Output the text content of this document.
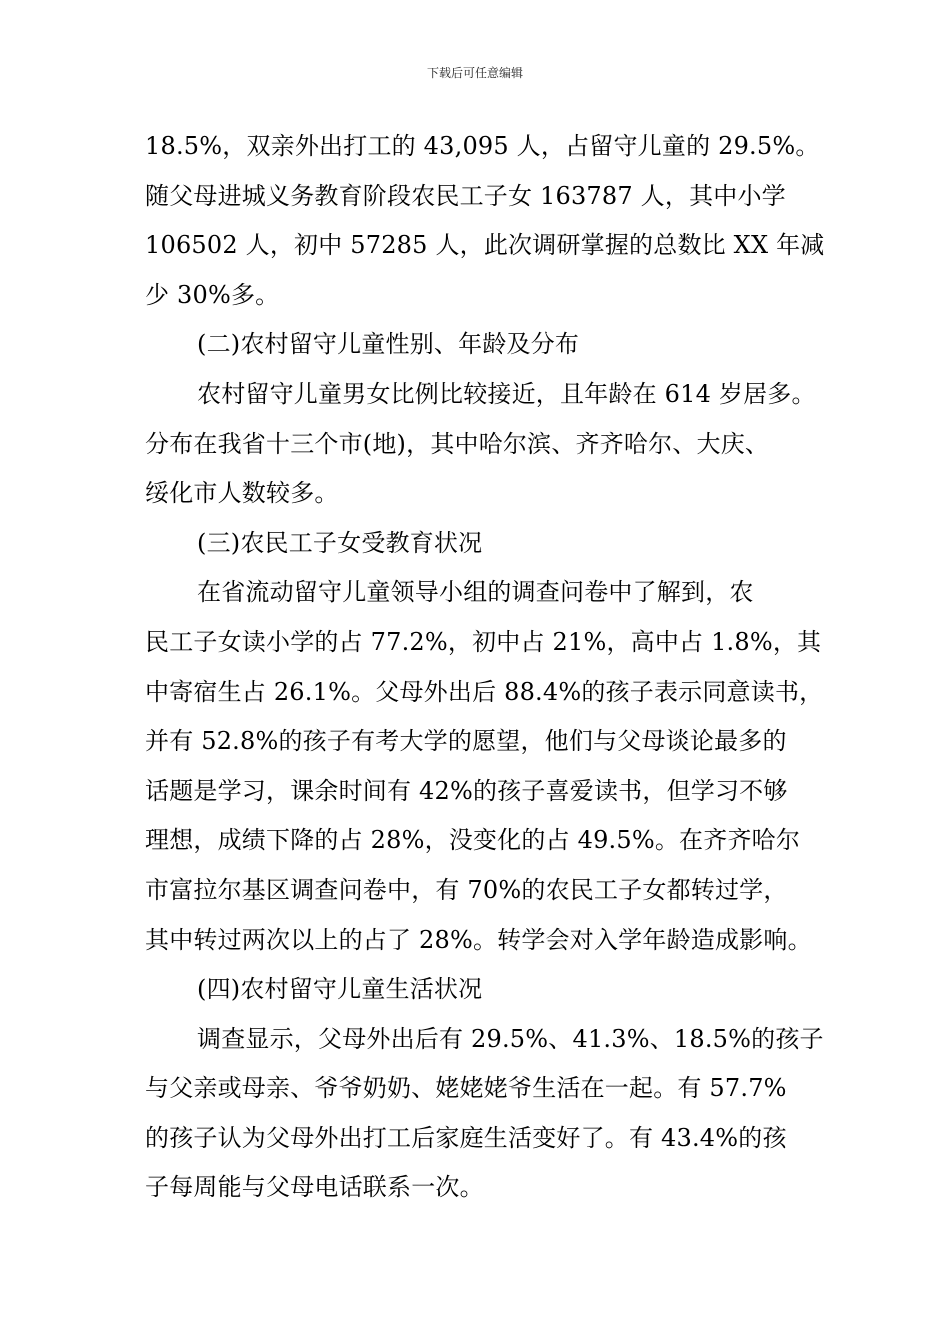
下载后可任意编辑
18.5%，双亲外出打工的 43,095 人，占留守儿童的 29.5%。
随父母进城义务教育阶段农民工子女 163787 人，其中小学
106502 人，初中 57285 人，此次调研掌握的总数比 XX 年减
少 30%多。
(二)农村留守儿童性别、年龄及分布
农村留守儿童男女比例比较接近，且年龄在 614 岁居多。
分布在我省十三个市(地)，其中哈尔滨、齐齐哈尔、大庆、
绥化市人数较多。
(三)农民工子女受教育状况
在省流动留守儿童领导小组的调查问卷中了解到，农
民工子女读小学的占 77.2%，初中占 21%，高中占 1.8%，其
中寄宿生占 26.1%。父母外出后 88.4%的孩子表示同意读书，
并有 52.8%的孩子有考大学的愿望，他们与父母谈论最多的
话题是学习，课余时间有 42%的孩子喜爱读书，但学习不够
理想，成绩下降的占 28%，没变化的占 49.5%。在齐齐哈尔
市富拉尔基区调查问卷中，有 70%的农民工子女都转过学，
其中转过两次以上的占了 28%。转学会对入学年龄造成影响。
(四)农村留守儿童生活状况
调查显示，父母外出后有 29.5%、41.3%、18.5%的孩子
与父亲或母亲、爷爷奶奶、姥姥姥爷生活在一起。有 57.7%
的孩子认为父母外出打工后家庭生活变好了。有 43.4%的孩
子每周能与父母电话联系一次。
